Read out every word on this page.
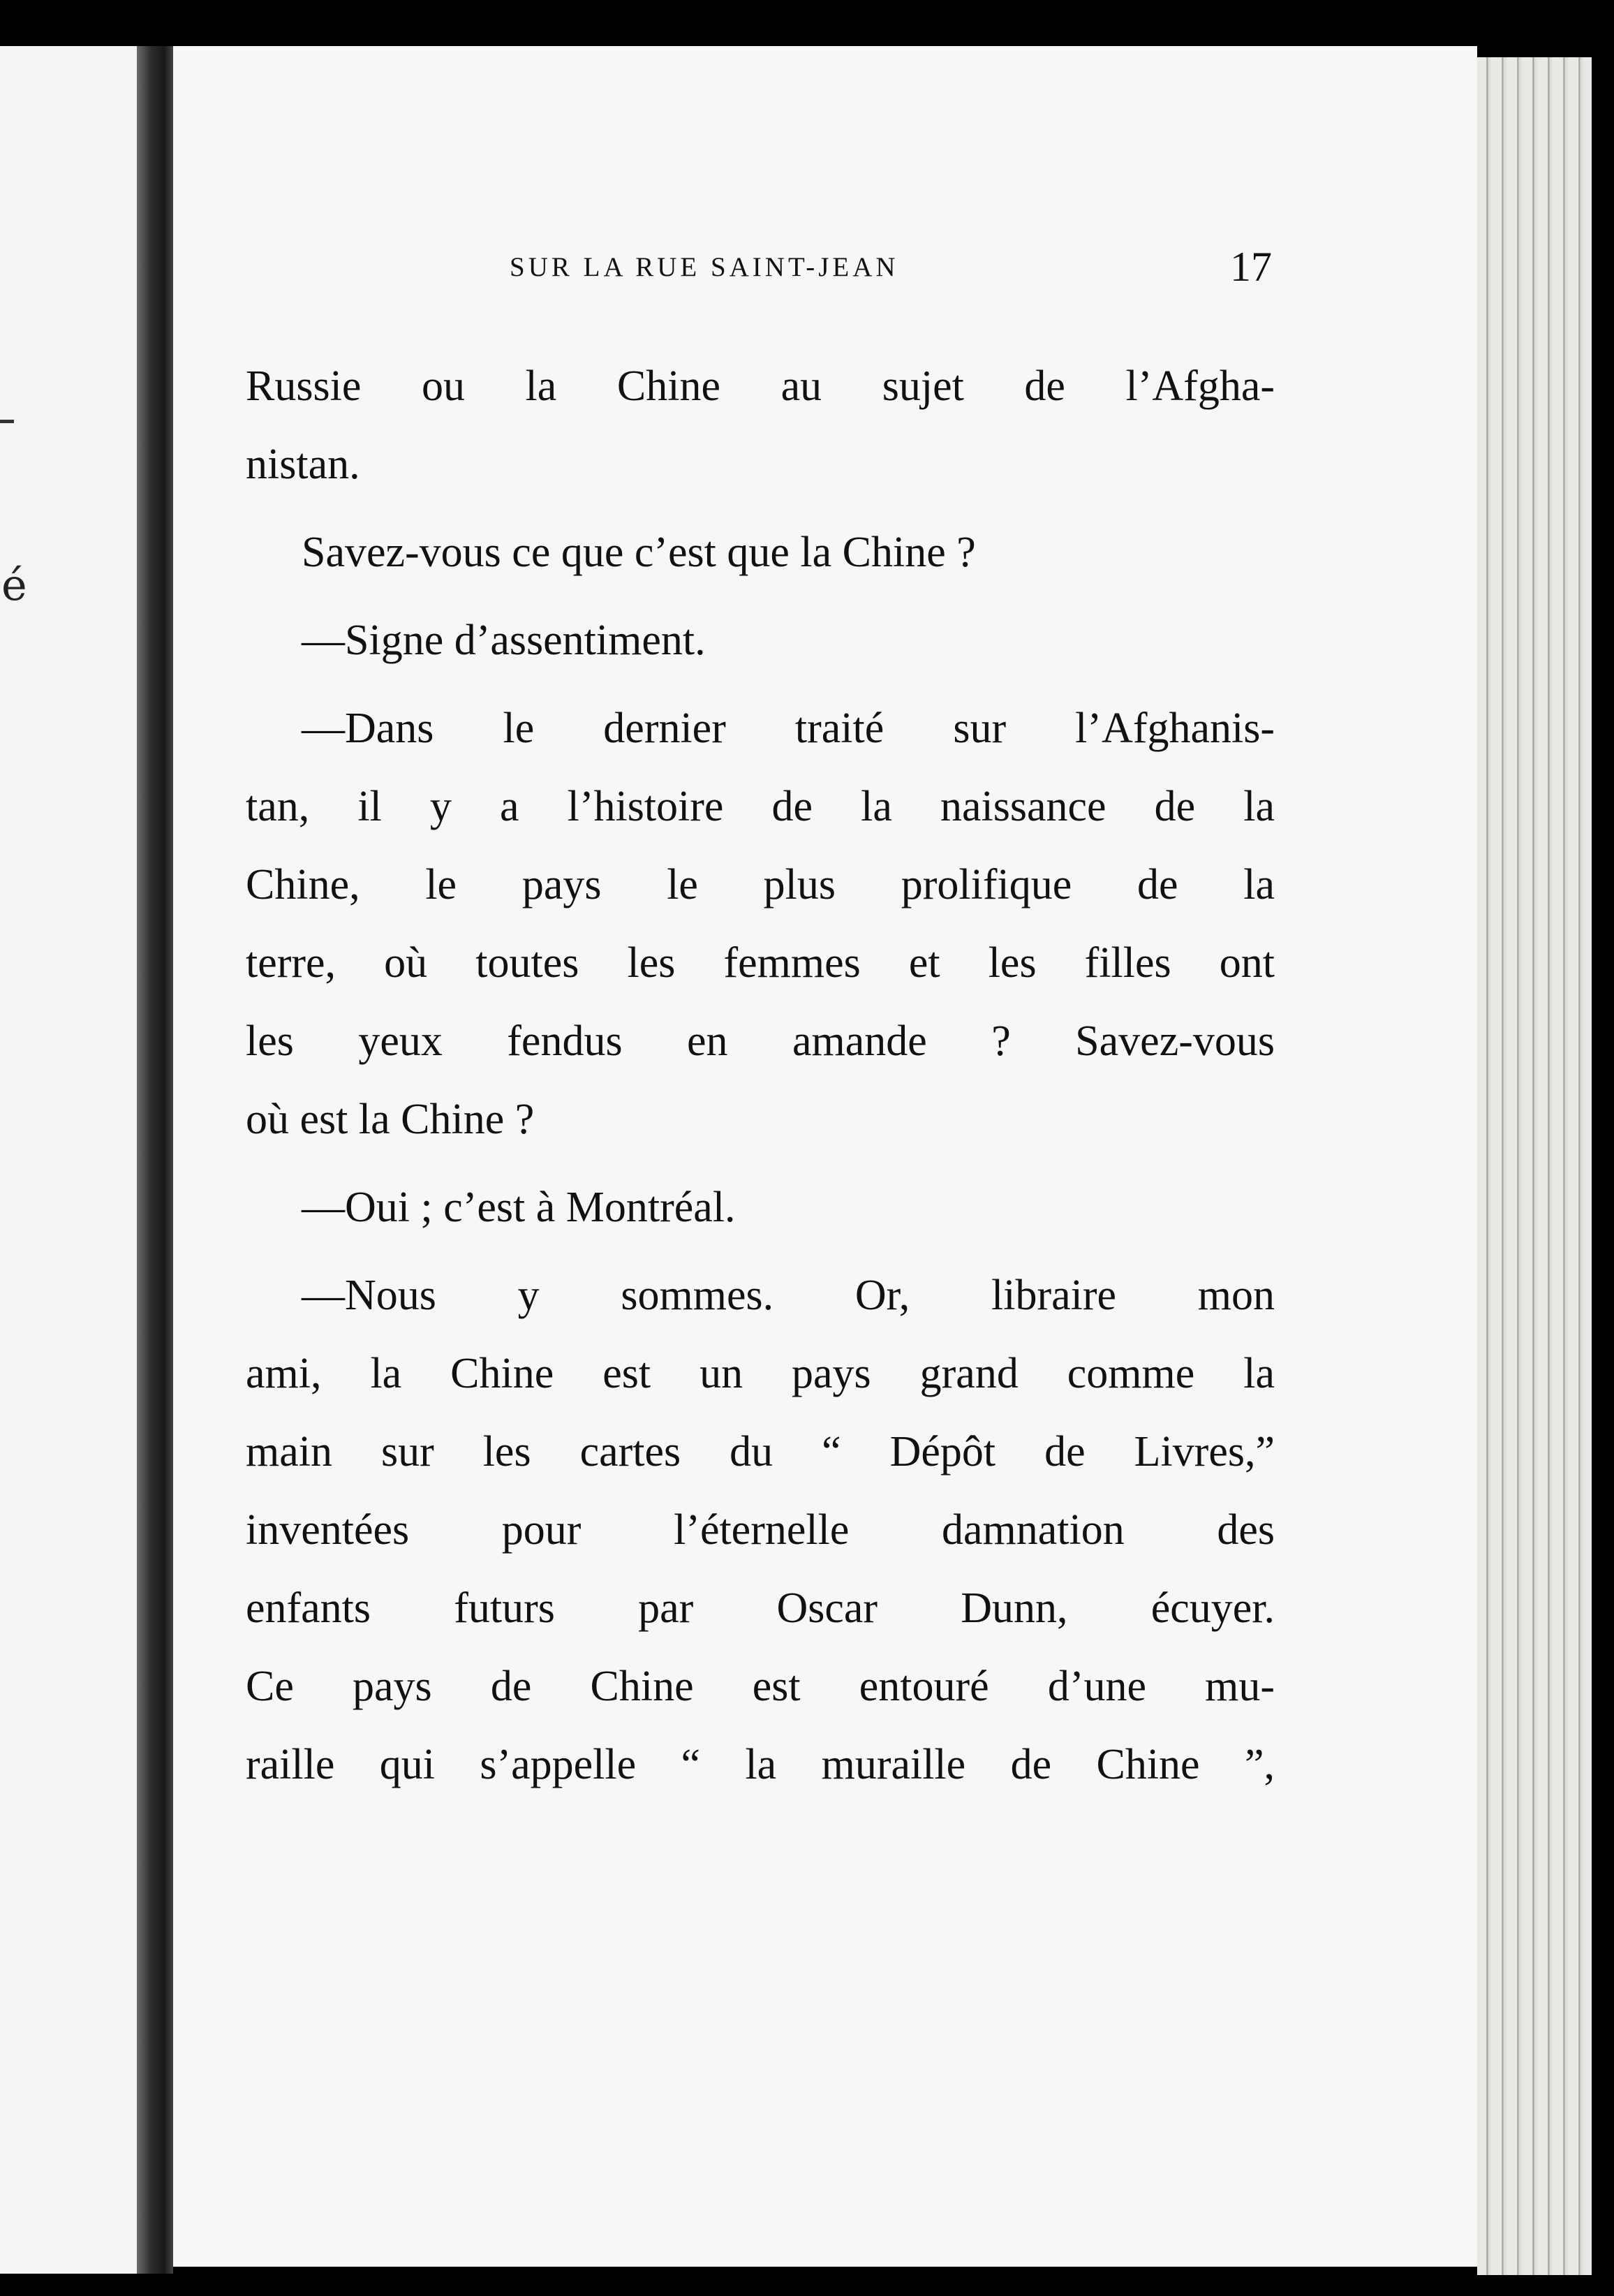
é
SUR LA RUE SAINT-JEAN	17
Russie ou la Chine au sujet de l’Afgha-
nistan.
Savez-vous ce que c’est que la Chine ?
—Signe d’assentiment.
—Dans le dernier traité sur l’Afghanis-
tan, il y a l’histoire de la naissance de la
Chine, le pays le plus prolifique de la
terre, où toutes les femmes et les filles ont
les yeux fendus en amande ? Savez-vous
où est la Chine ?
—Oui ; c’est à Montréal.
—Nous y sommes. Or, libraire mon
ami, la Chine est un pays grand comme la
main sur les cartes du “ Dépôt de Livres,”
inventées pour l’éternelle damnation des
enfants futurs par Oscar Dunn, écuyer.
Ce pays de Chine est entouré d’une mu-
raille qui s’appelle “ la muraille de Chine ”,
